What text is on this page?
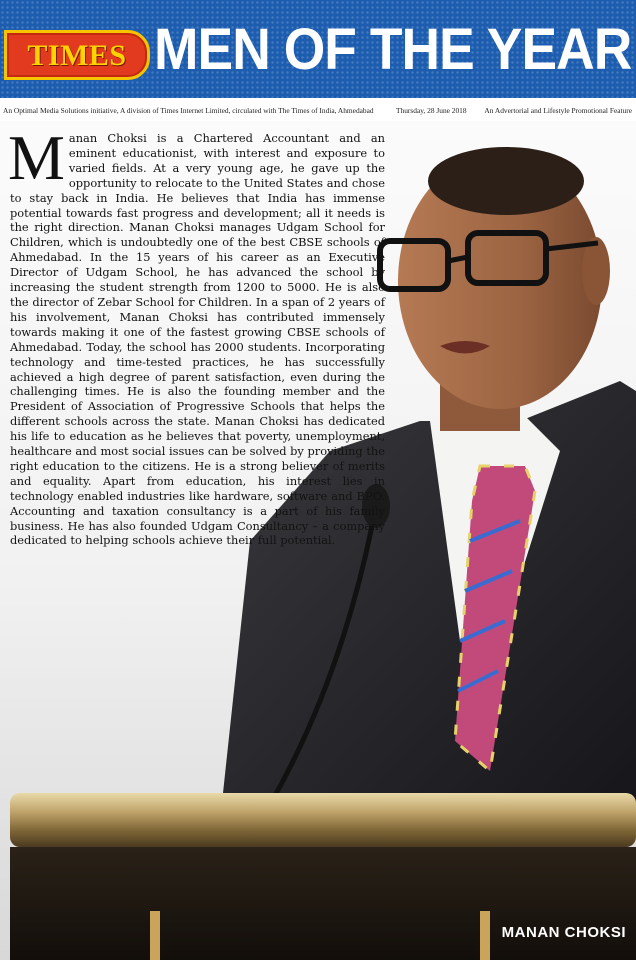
TIMES MEN OF THE YEAR
An Optimal Media Solutions initiative, A division of Times Internet Limited, circulated with The Times of India, Ahmedabad	Thursday, 28 June 2018 An Advertorial and Lifestyle Promotional Feature
M anan Choksi is a Chartered Accountant and an eminent educationist, with interest and exposure to varied fields. At a very young age, he gave up the opportunity to relocate to the United States and chose to stay back in India. He believes that India has immense potential towards fast progress and development; all it needs is the right direction. Manan Choksi manages Udgam School for Children, which is undoubtedly one of the best CBSE schools of Ahmedabad. In the 15 years of his career as an Executive Director of Udgam School, he has advanced the school by increasing the student strength from 1200 to 5000. He is also the director of Zebar School for Children. In a span of 2 years of his involvement, Manan Choksi has contributed immensely towards making it one of the fastest growing CBSE schools of Ahmedabad. Today, the school has 2000 students. Incorporating technology and time-tested practices, he has successfully achieved a high degree of parent satisfaction, even during the challenging times. He is also the founding member and the President of Association of Progressive Schools that helps the different schools across the state. Manan Choksi has dedicated his life to education as he believes that poverty, unemployment, healthcare and most social issues can be solved by providing the right education to the citizens. He is a strong believer of merits and equality. Apart from education, his interest lies in technology enabled industries like hardware, software and BPO. Accounting and taxation consultancy is a part of his family business. He has also founded Udgam Consultancy – a company dedicated to helping schools achieve their full potential.
MANAN CHOKSI
